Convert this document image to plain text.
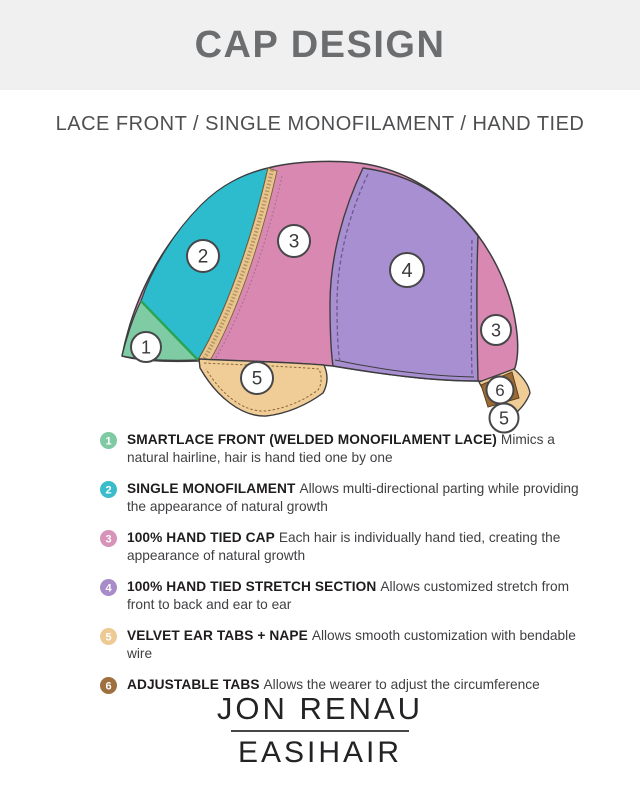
CAP DESIGN
LACE FRONT / SINGLE MONOFILAMENT / HAND TIED
1
2
3
4
3
6
5
5
1 SMARTLACE FRONT (WELDED MONOFILAMENT LACE) Mimics a natural hairline, hair is hand tied one by one

2 SINGLE MONOFILAMENT Allows multi-directional parting while providing the appearance of natural growth

3 100% HAND TIED CAP Each hair is individually hand tied, creating the appearance of natural growth

4 100% HAND TIED STRETCH SECTION Allows customized stretch from front to back and ear to ear

5 VELVET EAR TABS + NAPE Allows smooth customization with bendable wire

6 ADJUSTABLE TABS Allows the wearer to adjust the circumference

JON RENAU
EASIHAIR
